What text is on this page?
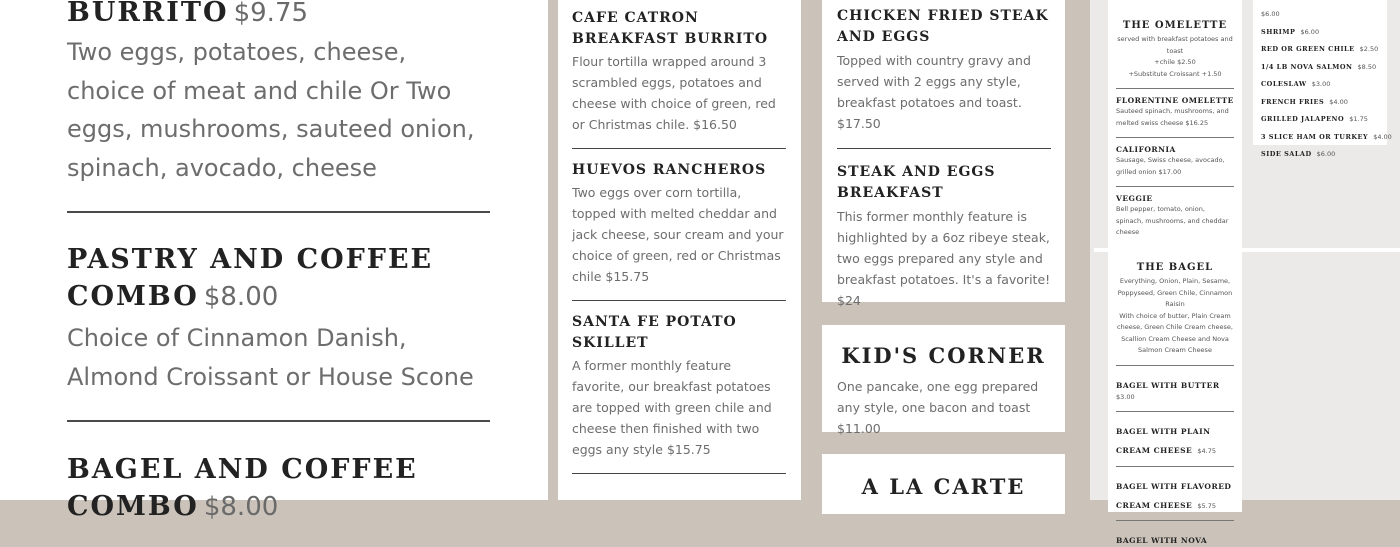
BURRITO $9.75
Two eggs, potatoes, cheese, choice of meat and chile Or Two eggs, mushrooms, sauteed onion, spinach, avocado, cheese
PASTRY AND COFFEE COMBO $8.00
Choice of Cinnamon Danish, Almond Croissant or House Scone
BAGEL AND COFFEE COMBO $8.00
CAFE CATRON BREAKFAST BURRITO
Flour tortilla wrapped around 3 scrambled eggs, potatoes and cheese with choice of green, red or Christmas chile. $16.50
HUEVOS RANCHEROS
Two eggs over corn tortilla, topped with melted cheddar and jack cheese, sour cream and your choice of green, red or Christmas chile $15.75
SANTA FE POTATO SKILLET
A former monthly feature favorite, our breakfast potatoes are topped with green chile and cheese then finished with two eggs any style $15.75
CHICKEN FRIED STEAK AND EGGS
Topped with country gravy and served with 2 eggs any style, breakfast potatoes and toast. $17.50
STEAK AND EGGS BREAKFAST
This former monthly feature is highlighted by a 6oz ribeye steak, two eggs prepared any style and breakfast potatoes. It's a favorite! $24
KID'S CORNER
One pancake, one egg prepared any style, one bacon and toast $11.00
A LA CARTE
THE OMELETTE
served with breakfast potatoes and toast
+chile $2.50
+Substitute Croissant +1.50
FLORENTINE OMELETTE
Sauteed spinach, mushrooms, and melted swiss cheese $16.25
CALIFORNIA
Sausage, Swiss cheese, avocado, grilled onion $17.00
VEGGIE
Bell pepper, tomato, onion, spinach, mushrooms, and cheddar cheese
THE BAGEL
Everything, Onion, Plain, Sesame, Poppyseed, Green Chile, Cinnamon Raisin
With choice of butter, Plain Cream cheese, Green Chile Cream cheese, Scallion Cream Cheese and Nova Salmon Cream Cheese
BAGEL WITH BUTTER
$3.00
BAGEL WITH PLAIN CREAM CHEESE $4.75
BAGEL WITH FLAVORED CREAM CHEESE $5.75
BAGEL WITH NOVA
$6.00
SHRIMP $6.00
RED OR GREEN CHILE $2.50
1/4 LB NOVA SALMON $8.50
COLESLAW $3.00
FRENCH FRIES $4.00
GRILLED JALAPENO $1.75
3 SLICE HAM OR TURKEY $4.00
SIDE SALAD $6.00
